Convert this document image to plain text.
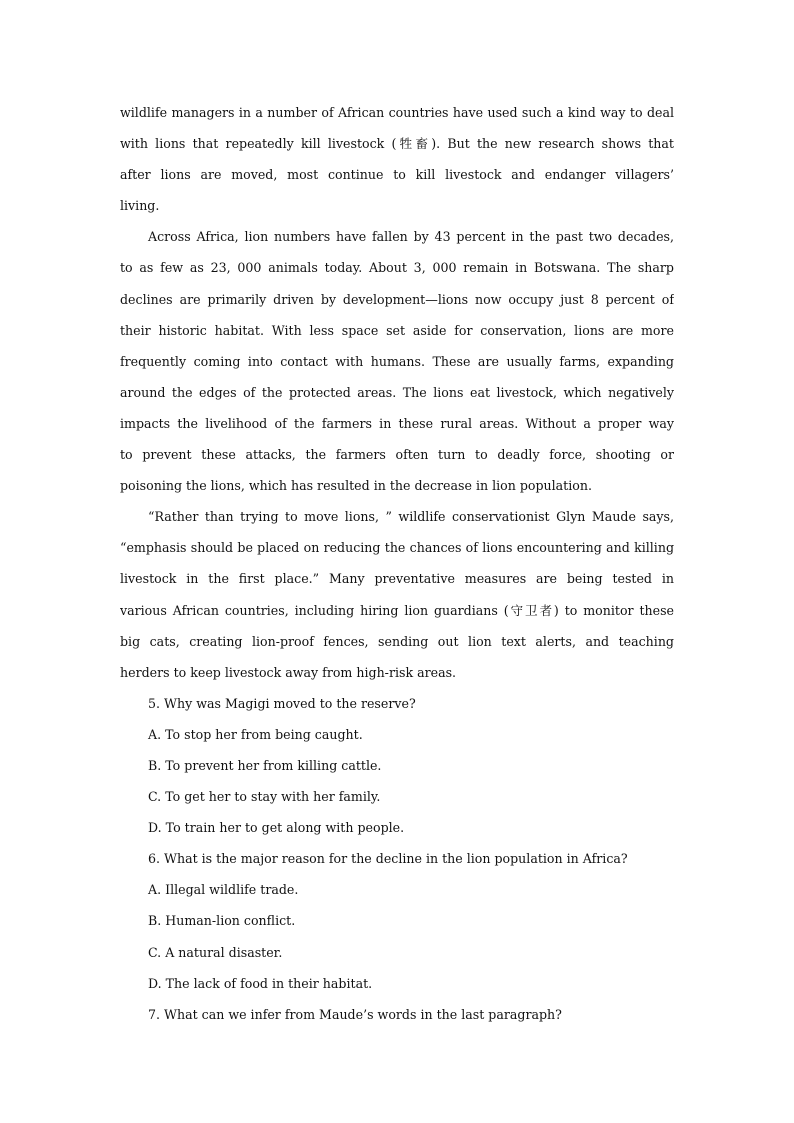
wildlife managers in a number of African countries have used such a kind way to deal
with lions that repeatedly kill livestock (牲畜). But the new research shows that
after lions are moved, most continue to kill livestock and endanger villagers’
living.
Across Africa, lion numbers have fallen by 43 percent in the past two decades,
to as few as 23, 000 animals today. About 3, 000 remain in Botswana. The sharp
declines are primarily driven by development—lions now occupy just 8 percent of
their historic habitat. With less space set aside for conservation, lions are more
frequently coming into contact with humans. These are usually farms, expanding
around the edges of the protected areas. The lions eat livestock, which negatively
impacts the livelihood of the farmers in these rural areas. Without a proper way
to prevent these attacks, the farmers often turn to deadly force, shooting or
poisoning the lions, which has resulted in the decrease in lion population.
“Rather than trying to move lions, ” wildlife conservationist Glyn Maude says,
“emphasis should be placed on reducing the chances of lions encountering and killing
livestock in the first place.” Many preventative measures are being tested in
various African countries, including hiring lion guardians (守卫者) to monitor these
big cats, creating lion-proof fences, sending out lion text alerts, and teaching
herders to keep livestock away from high-risk areas.
5. Why was Magigi moved to the reserve?
A. To stop her from being caught.
B. To prevent her from killing cattle.
C. To get her to stay with her family.
D. To train her to get along with people.
6. What is the major reason for the decline in the lion population in Africa?
A. Illegal wildlife trade.
B. Human-lion conflict.
C. A natural disaster.
D. The lack of food in their habitat.
7. What can we infer from Maude’s words in the last paragraph?
